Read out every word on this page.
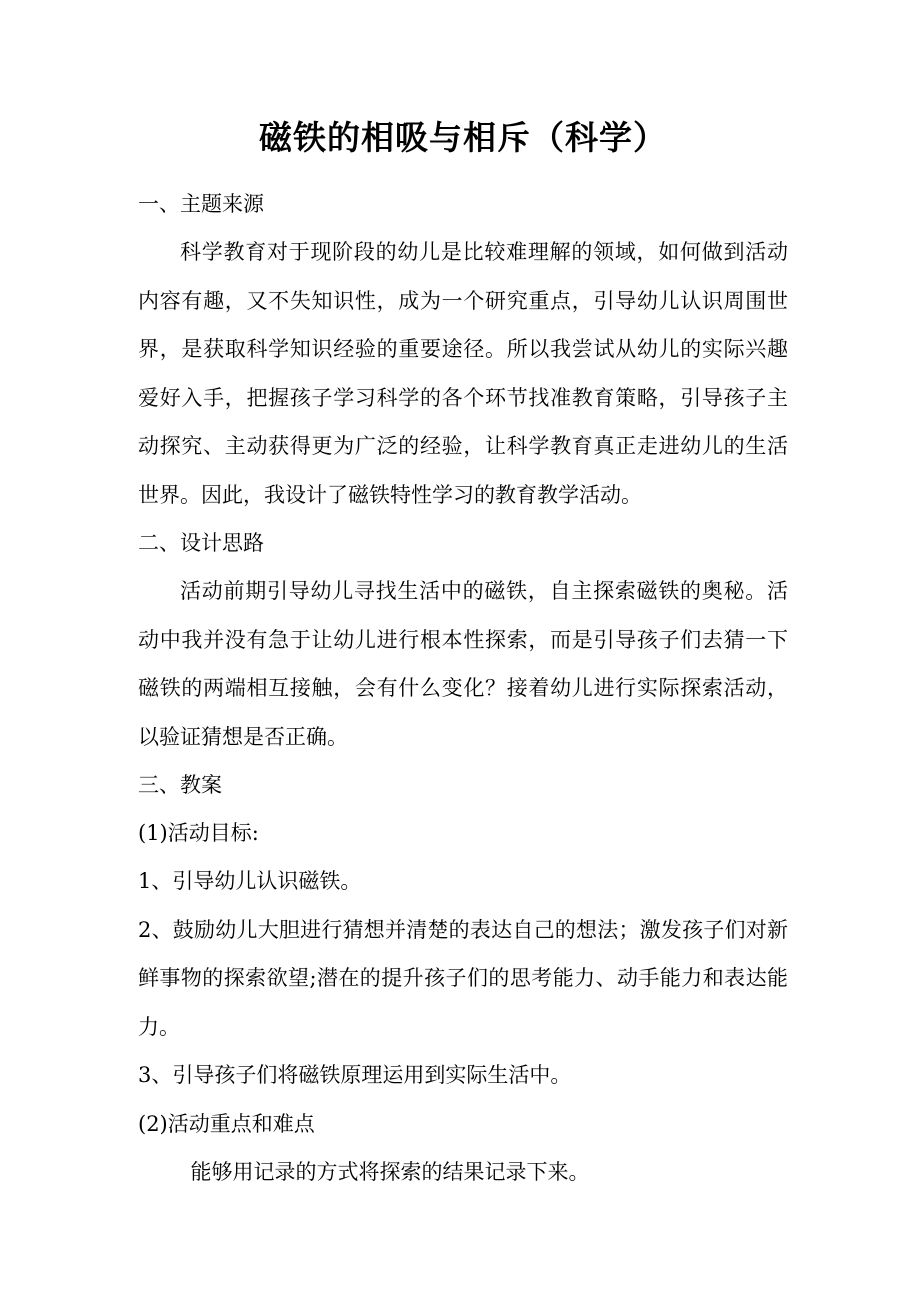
磁铁的相吸与相斥（科学）

一、主题来源

科学教育对于现阶段的幼儿是比较难理解的领域，如何做到活动内容有趣，又不失知识性，成为一个研究重点，引导幼儿认识周围世界，是获取科学知识经验的重要途径。所以我尝试从幼儿的实际兴趣爱好入手，把握孩子学习科学的各个环节找准教育策略，引导孩子主动探究、主动获得更为广泛的经验，让科学教育真正走进幼儿的生活世界。因此，我设计了磁铁特性学习的教育教学活动。

二、设计思路

活动前期引导幼儿寻找生活中的磁铁，自主探索磁铁的奥秘。活动中我并没有急于让幼儿进行根本性探索，而是引导孩子们去猜一下磁铁的两端相互接触，会有什么变化？接着幼儿进行实际探索活动，以验证猜想是否正确。

三、教案

(1)活动目标:

1、引导幼儿认识磁铁。

2、鼓励幼儿大胆进行猜想并清楚的表达自己的想法；激发孩子们对新鲜事物的探索欲望;潜在的提升孩子们的思考能力、动手能力和表达能力。

3、引导孩子们将磁铁原理运用到实际生活中。

(2)活动重点和难点

能够用记录的方式将探索的结果记录下来。
